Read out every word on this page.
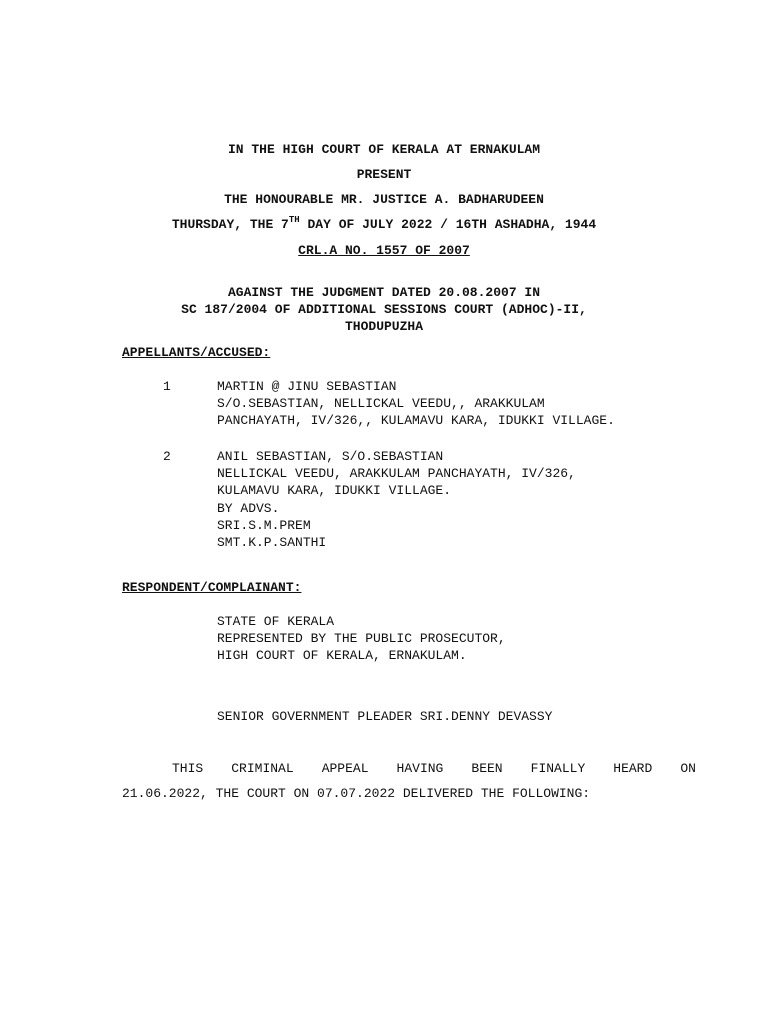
IN THE HIGH COURT OF KERALA AT ERNAKULAM
PRESENT
THE HONOURABLE MR. JUSTICE A. BADHARUDEEN
THURSDAY, THE 7TH DAY OF JULY 2022 / 16TH ASHADHA, 1944
CRL.A NO. 1557 OF 2007
AGAINST THE JUDGMENT DATED 20.08.2007 IN
SC 187/2004 OF ADDITIONAL SESSIONS COURT (ADHOC)-II,
THODUPUZHA
APPELLANTS/ACCUSED:
1	MARTIN @ JINU SEBASTIAN
S/O.SEBASTIAN, NELLICKAL VEEDU,, ARAKKULAM
PANCHAYATH, IV/326,, KULAMAVU KARA, IDUKKI VILLAGE.
2	ANIL SEBASTIAN, S/O.SEBASTIAN
NELLICKAL VEEDU, ARAKKULAM PANCHAYATH, IV/326,
KULAMAVU KARA, IDUKKI VILLAGE.
BY ADVS.
SRI.S.M.PREM
SMT.K.P.SANTHI
RESPONDENT/COMPLAINANT:
STATE OF KERALA
REPRESENTED BY THE PUBLIC PROSECUTOR,
HIGH COURT OF KERALA, ERNAKULAM.
SENIOR GOVERNMENT PLEADER SRI.DENNY DEVASSY
THIS CRIMINAL APPEAL HAVING BEEN FINALLY HEARD ON
21.06.2022, THE COURT ON 07.07.2022 DELIVERED THE FOLLOWING:
